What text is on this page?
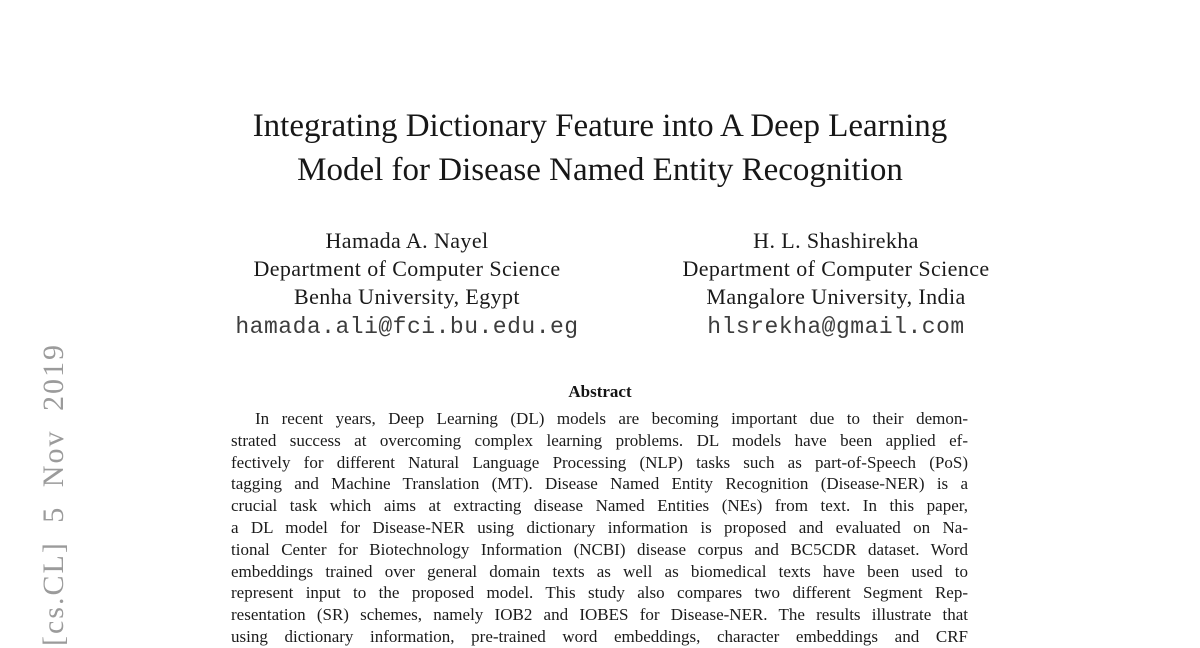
[cs.CL] 5 Nov 2019
Integrating Dictionary Feature into A Deep Learning
Model for Disease Named Entity Recognition
Hamada A. Nayel
Department of Computer Science
Benha University, Egypt
hamada.ali@fci.bu.edu.eg
H. L. Shashirekha
Department of Computer Science
Mangalore University, India
hlsrekha@gmail.com
Abstract
In recent years, Deep Learning (DL) models are becoming important due to their demon-
strated success at overcoming complex learning problems. DL models have been applied ef-
fectively for different Natural Language Processing (NLP) tasks such as part-of-Speech (PoS)
tagging and Machine Translation (MT). Disease Named Entity Recognition (Disease-NER) is a
crucial task which aims at extracting disease Named Entities (NEs) from text. In this paper,
a DL model for Disease-NER using dictionary information is proposed and evaluated on Na-
tional Center for Biotechnology Information (NCBI) disease corpus and BC5CDR dataset. Word
embeddings trained over general domain texts as well as biomedical texts have been used to
represent input to the proposed model. This study also compares two different Segment Rep-
resentation (SR) schemes, namely IOB2 and IOBES for Disease-NER. The results illustrate that
using dictionary information, pre-trained word embeddings, character embeddings and CRF
